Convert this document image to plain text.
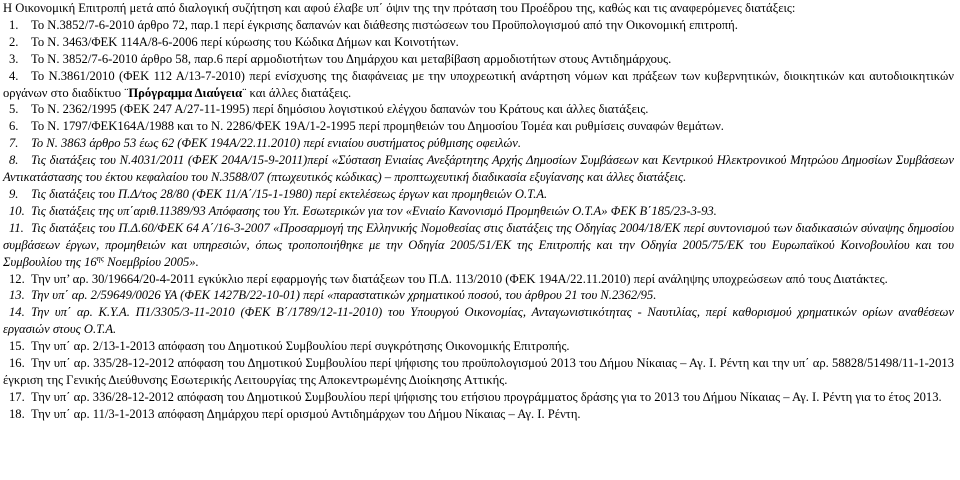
Η Οικονομική Επιτροπή μετά από διαλογική συζήτηση και αφού έλαβε υπ΄ όψιν της την πρόταση του Προέδρου της, καθώς και τις αναφερόμενες διατάξεις:

1. Το Ν.3852/7-6-2010 άρθρο 72, παρ.1 περί έγκρισης δαπανών και διάθεσης πιστώσεων του Προϋπολογισμού από την Οικονομική επιτροπή.
2. Το Ν. 3463/ΦΕΚ 114Α/8-6-2006 περί κύρωσης του Κώδικα Δήμων και Κοινοτήτων.
3. Το Ν. 3852/7-6-2010 άρθρο 58, παρ.6 περί αρμοδιοτήτων του Δημάρχου και μεταβίβαση αρμοδιοτήτων στους Αντιδημάρχους.
4. Το Ν.3861/2010 (ΦΕΚ 112 Α/13-7-2010) περί ενίσχυσης της διαφάνειας με την υποχρεωτική ανάρτηση νόμων και πράξεων των κυβερνητικών, διοικητικών και αυτοδιοικητικών οργάνων στο διαδίκτυο ¨Πρόγραμμα Διαύγεια¨ και άλλες διατάξεις.
5. Το Ν. 2362/1995 (ΦΕΚ 247 Α/27-11-1995) περί δημόσιου λογιστικού ελέγχου δαπανών του Κράτους και άλλες διατάξεις.
6. Το Ν. 1797/ΦΕΚ164Α/1988 και το Ν. 2286/ΦΕΚ 19Α/1-2-1995 περί προμηθειών του Δημοσίου Τομέα και ρυθμίσεις συναφών θεμάτων.
7. Το Ν. 3863 άρθρο 53 έως 62 (ΦΕΚ 194Α/22.11.2010) περί ενιαίου συστήματος ρύθμισης οφειλών.
8. Τις διατάξεις του Ν.4031/2011 (ΦΕΚ 204Α/15-9-2011)περί «Σύσταση Ενιαίας Ανεξάρτητης Αρχής Δημοσίων Συμβάσεων και Κεντρικού Ηλεκτρονικού Μητρώου Δημοσίων Συμβάσεων Αντικατάστασης του έκτου κεφαλαίου του Ν.3588/07 (πτωχευτικός κώδικας) – προπτωχευτική διαδικασία εξυγίανσης και άλλες διατάξεις.
9. Τις διατάξεις του Π.Δ/τος 28/80 (ΦΕΚ 11/Α΄/15-1-1980) περί εκτελέσεως έργων και προμηθειών Ο.Τ.Α.
10. Τις διατάξεις της υπ΄αριθ.11389/93 Απόφασης του Υπ. Εσωτερικών για τον «Ενιαίο Κανονισμό Προμηθειών Ο.Τ.Α» ΦΕΚ Β΄185/23-3-93.
11. Τις διατάξεις του Π.Δ.60/ΦΕΚ 64 Α΄/16-3-2007 «Προσαρμογή της Ελληνικής Νομοθεσίας στις διατάξεις της Οδηγίας 2004/18/ΕΚ περί συντονισμού των διαδικασιών σύναψης δημοσίου συμβάσεων έργων, προμηθειών και υπηρεσιών, όπως τροποποιήθηκε με την Οδηγία 2005/51/ΕΚ της Επιτροπής και την Οδηγία 2005/75/ΕΚ του Ευρωπαϊκού Κοινοβουλίου και του Συμβουλίου της $16^{\eta\varsigma}$ Νοεμβρίου 2005».
12. Την υπ’ αρ. 30/19664/20-4-2011 εγκύκλιο περί εφαρμογής των διατάξεων του Π.Δ. 113/2010 (ΦΕΚ 194Α/22.11.2010) περί ανάληψης υποχρεώσεων από τους Διατάκτες.
13. Την υπ΄ αρ. 2/59649/0026 ΥΑ (ΦΕΚ 1427Β/22-10-01) περί «παραστατικών χρηματικού ποσού, του άρθρου 21 του Ν.2362/95.
14. Την υπ΄ αρ. Κ.Υ.Α. Π1/3305/3-11-2010 (ΦΕΚ Β΄/1789/12-11-2010) του Υπουργού Οικονομίας, Ανταγωνιστικότητας - Ναυτιλίας, περί καθορισμού χρηματικών ορίων αναθέσεων εργασιών στους Ο.Τ.Α.
15. Την υπ΄ αρ. 2/13-1-2013 απόφαση του Δημοτικού Συμβουλίου περί συγκρότησης Οικονομικής Επιτροπής.
16. Την υπ΄ αρ. 335/28-12-2012 απόφαση του Δημοτικού Συμβουλίου περί ψήφισης του προϋπολογισμού 2013 του Δήμου Νίκαιας – Αγ. Ι. Ρέντη και την υπ΄ αρ. 58828/51498/11-1-2013 έγκριση της Γενικής Διεύθυνσης Εσωτερικής Λειτουργίας της Αποκεντρωμένης Διοίκησης Αττικής.
17. Την υπ΄ αρ. 336/28-12-2012 απόφαση του Δημοτικού Συμβουλίου περί ψήφισης του ετήσιου προγράμματος δράσης για το 2013 του Δήμου Νίκαιας – Αγ. Ι. Ρέντη για το έτος 2013.
18. Την υπ΄ αρ. 11/3-1-2013 απόφαση Δημάρχου περί ορισμού Αντιδημάρχων του Δήμου Νίκαιας – Αγ. Ι. Ρέντη.
